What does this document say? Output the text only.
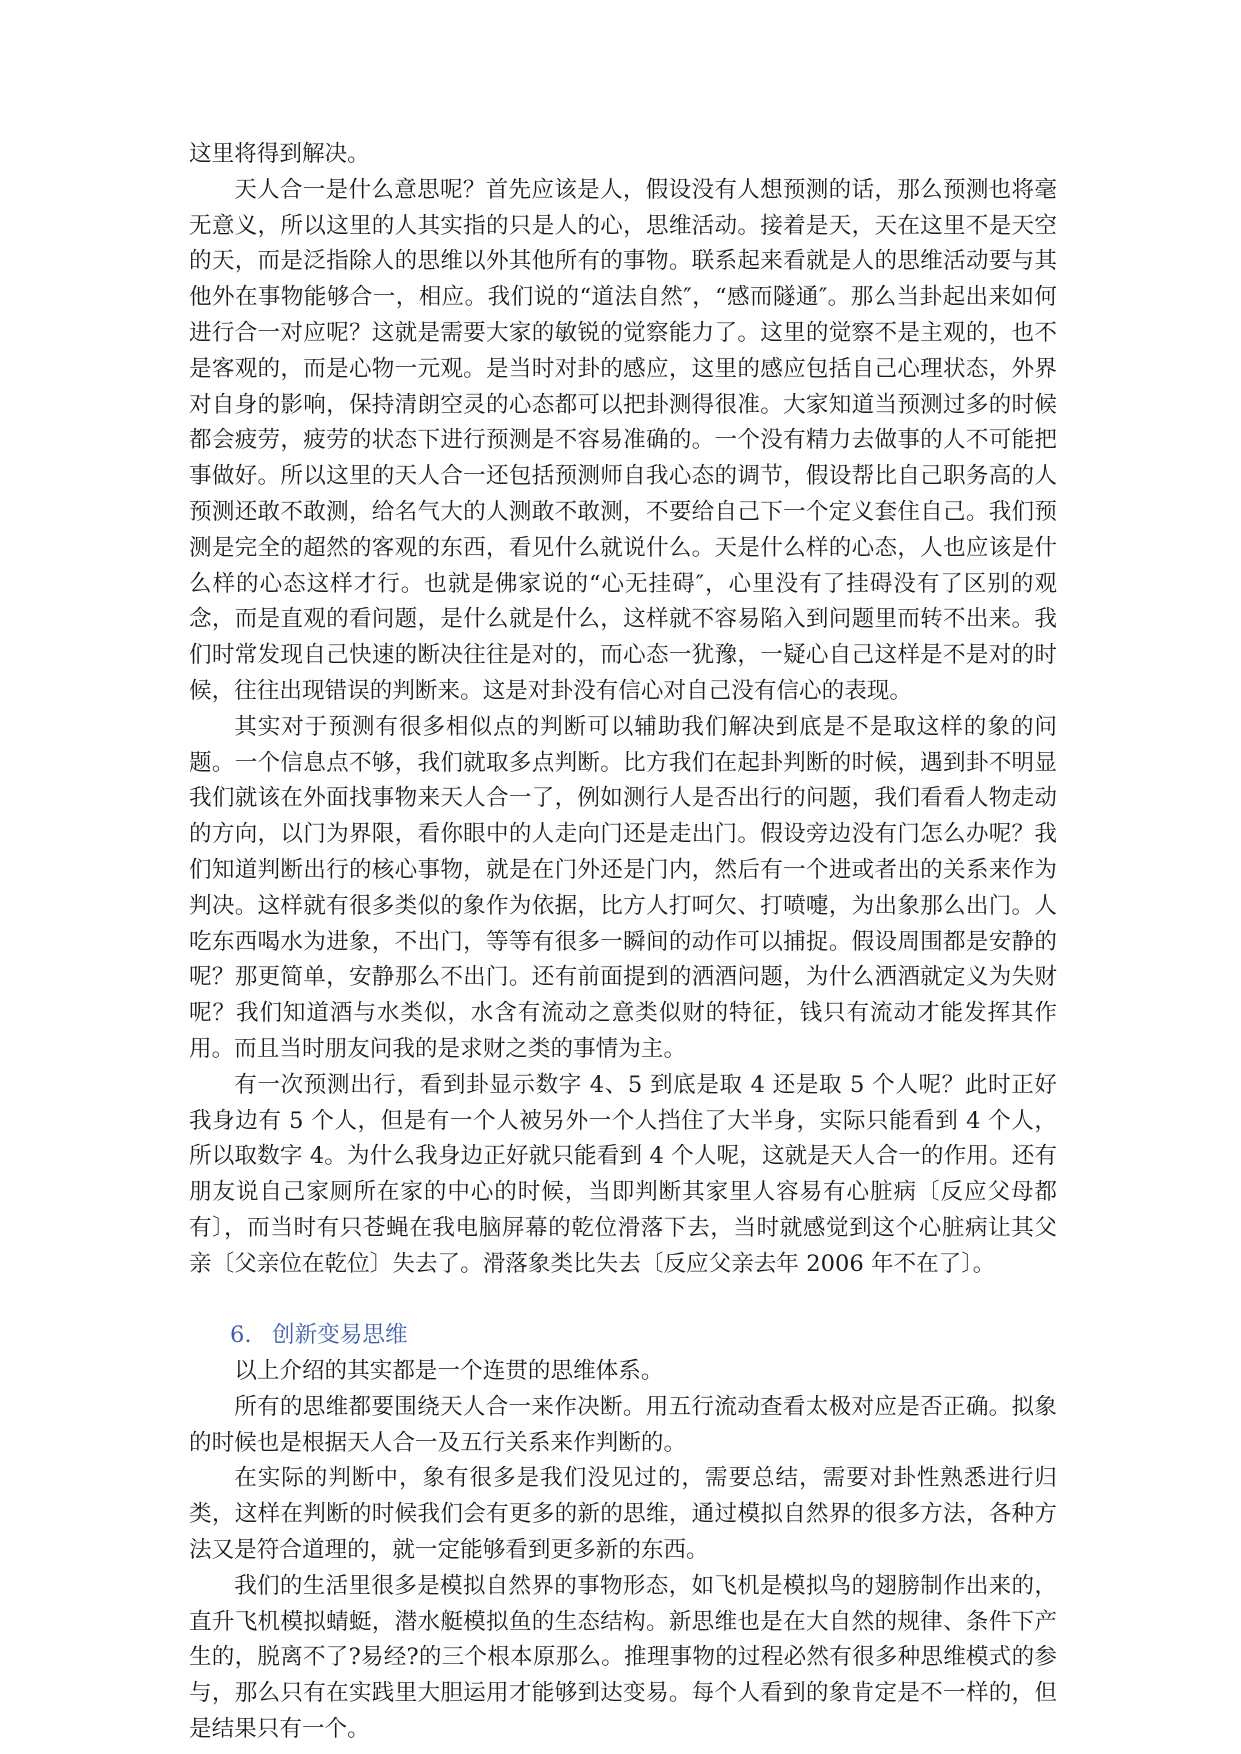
这里将得到解决。

天人合一是什么意思呢？首先应该是人，假设没有人想预测的话，那么预测也将毫无意义，所以这里的人其实指的只是人的心，思维活动。接着是天，天在这里不是天空的天，而是泛指除人的思维以外其他所有的事物。联系起来看就是人的思维活动要与其他外在事物能够合一，相应。我们说的“道法自然″，“感而隧通″。那么当卦起出来如何进行合一对应呢？这就是需要大家的敏锐的觉察能力了。这里的觉察不是主观的，也不是客观的，而是心物一元观。是当时对卦的感应，这里的感应包括自己心理状态，外界对自身的影响，保持清朗空灵的心态都可以把卦测得很准。大家知道当预测过多的时候都会疲劳，疲劳的状态下进行预测是不容易准确的。一个没有精力去做事的人不可能把事做好。所以这里的天人合一还包括预测师自我心态的调节，假设帮比自己职务高的人预测还敢不敢测，给名气大的人测敢不敢测，不要给自己下一个定义套住自己。我们预测是完全的超然的客观的东西，看见什么就说什么。天是什么样的心态，人也应该是什么样的心态这样才行。也就是佛家说的“心无挂碍″，心里没有了挂碍没有了区别的观念，而是直观的看问题，是什么就是什么，这样就不容易陷入到问题里而转不出来。我们时常发现自己快速的断决往往是对的，而心态一犹豫，一疑心自己这样是不是对的时候，往往出现错误的判断来。这是对卦没有信心对自己没有信心的表现。

其实对于预测有很多相似点的判断可以辅助我们解决到底是不是取这样的象的问题。一个信息点不够，我们就取多点判断。比方我们在起卦判断的时候，遇到卦不明显我们就该在外面找事物来天人合一了，例如测行人是否出行的问题，我们看看人物走动的方向，以门为界限，看你眼中的人走向门还是走出门。假设旁边没有门怎么办呢？我们知道判断出行的核心事物，就是在门外还是门内，然后有一个进或者出的关系来作为判决。这样就有很多类似的象作为依据，比方人打呵欠、打喷嚏，为出象那么出门。人吃东西喝水为进象，不出门，等等有很多一瞬间的动作可以捕捉。假设周围都是安静的呢？那更简单，安静那么不出门。还有前面提到的洒酒问题，为什么洒酒就定义为失财呢？我们知道酒与水类似，水含有流动之意类似财的特征，钱只有流动才能发挥其作用。而且当时朋友问我的是求财之类的事情为主。

有一次预测出行，看到卦显示数字 4、5 到底是取 4 还是取 5 个人呢？此时正好我身边有 5 个人，但是有一个人被另外一个人挡住了大半身，实际只能看到 4 个人，所以取数字 4。为什么我身边正好就只能看到 4 个人呢，这就是天人合一的作用。还有朋友说自己家厕所在家的中心的时候，当即判断其家里人容易有心脏病〔反应父母都有〕，而当时有只苍蝇在我电脑屏幕的乾位滑落下去，当时就感觉到这个心脏病让其父亲〔父亲位在乾位〕失去了。滑落象类比失去〔反应父亲去年 2006 年不在了〕。

6. 创新变易思维

以上介绍的其实都是一个连贯的思维体系。

所有的思维都要围绕天人合一来作决断。用五行流动查看太极对应是否正确。拟象的时候也是根据天人合一及五行关系来作判断的。

在实际的判断中，象有很多是我们没见过的，需要总结，需要对卦性熟悉进行归类，这样在判断的时候我们会有更多的新的思维，通过模拟自然界的很多方法，各种方法又是符合道理的，就一定能够看到更多新的东西。

我们的生活里很多是模拟自然界的事物形态，如飞机是模拟鸟的翅膀制作出来的，直升飞机模拟蜻蜓，潜水艇模拟鱼的生态结构。新思维也是在大自然的规律、条件下产生的，脱离不了?易经?的三个根本原那么。推理事物的过程必然有很多种思维模式的参与，那么只有在实践里大胆运用才能够到达变易。每个人看到的象肯定是不一样的，但是结果只有一个。
